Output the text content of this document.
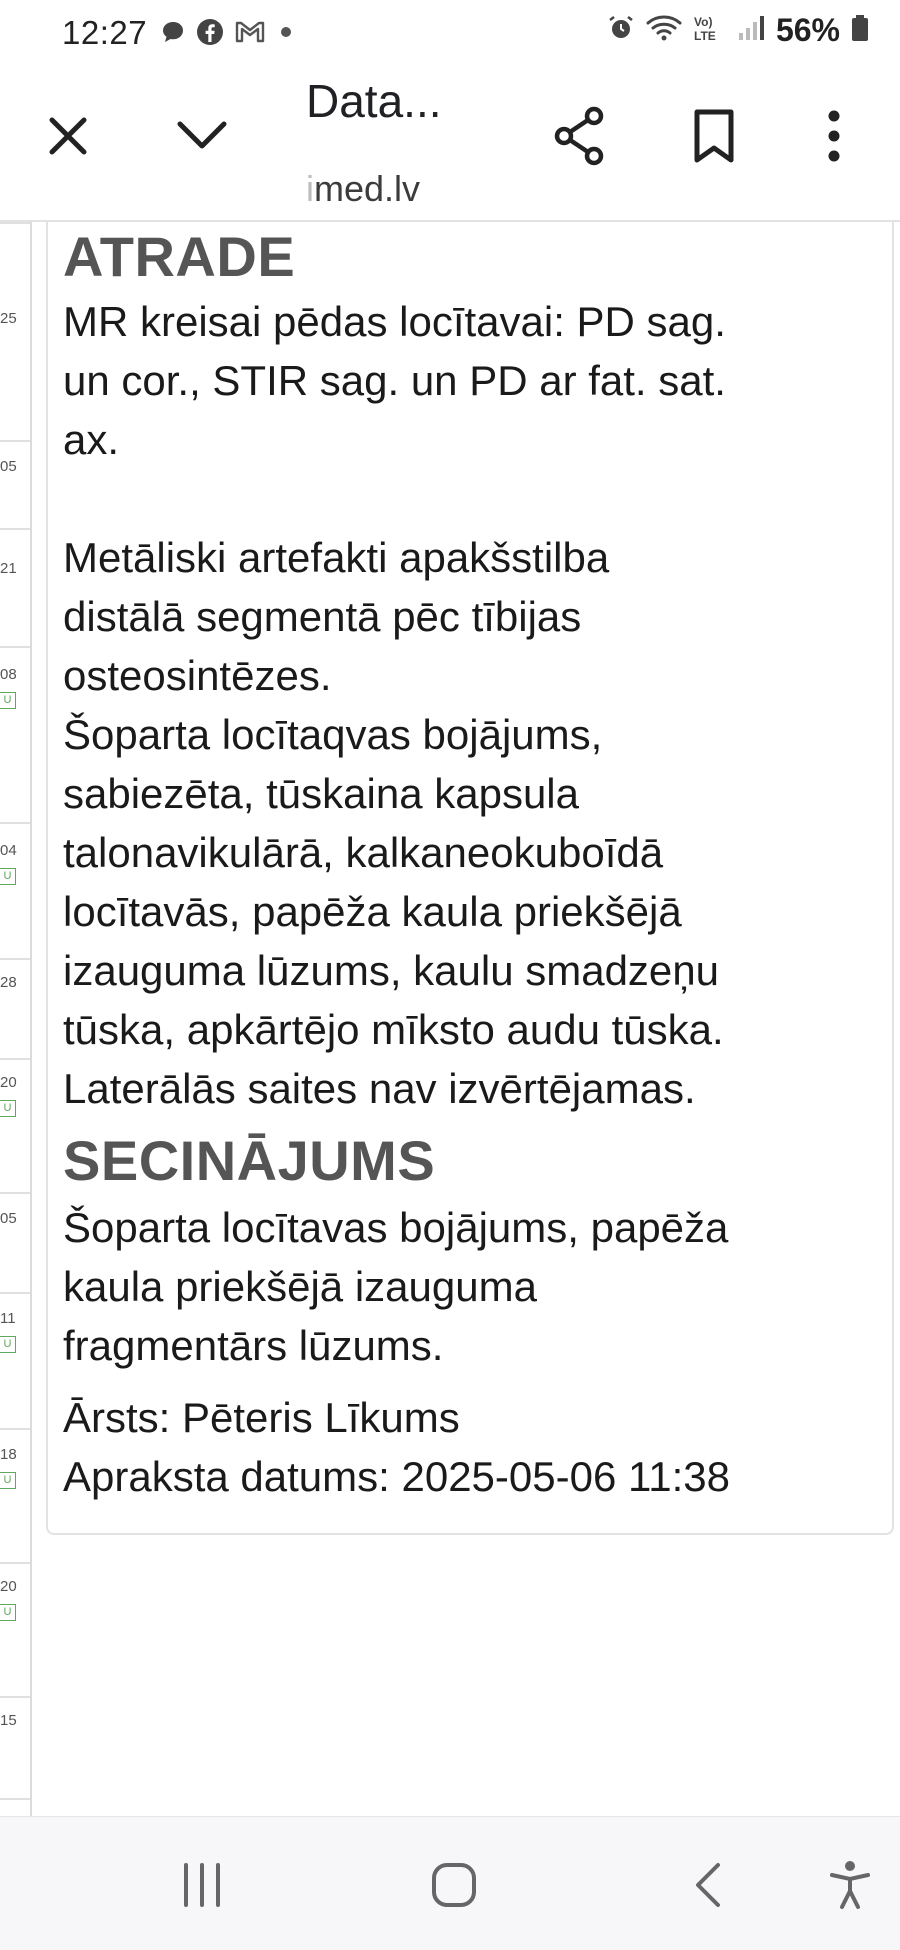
12:27	Vo)
LTE 56%
Data...
imed.lv
25
05
21
08
U
04
U
28
20
U
05
11
U
18
U
20
U
15
ATRADE
MR kreisai pēdas locītavai: PD sag.
un cor., STIR sag. un PD ar fat. sat.
ax.
Metāliski artefakti apakšstilba
distālā segmentā pēc tībijas
osteosintēzes.
Šoparta locītaqvas bojājums,
sabiezēta, tūskaina kapsula
talonavikulārā, kalkaneokuboīdā
locītavās, papēža kaula priekšējā
izauguma lūzums, kaulu smadzeņu
tūska, apkārtējo mīksto audu tūska.
Laterālās saites nav izvērtējamas.
SECINĀJUMS
Šoparta locītavas bojājums, papēža
kaula priekšējā izauguma
fragmentārs lūzums.
Ārsts: Pēteris Līkums
Apraksta datums: 2025-05-06 11:38
